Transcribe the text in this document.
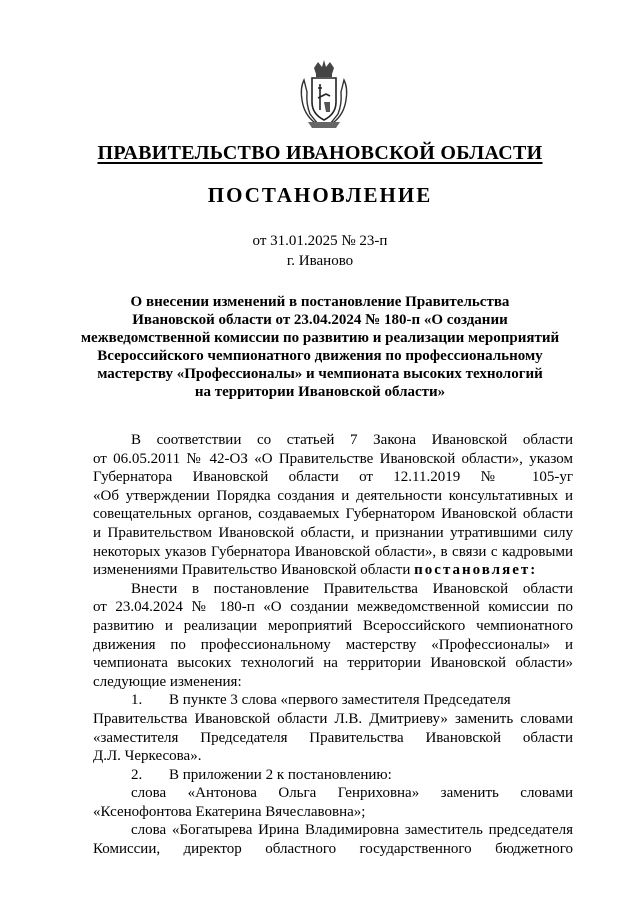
ПРАВИТЕЛЬСТВО ИВАНОВСКОЙ ОБЛАСТИ
ПОСТАНОВЛЕНИЕ
от 31.01.2025 № 23-п
г. Иваново
О внесении изменений в постановление Правительства
Ивановской области от 23.04.2024 № 180-п «О создании
межведомственной комиссии по развитию и реализации мероприятий
Всероссийского чемпионатного движения по профессиональному
мастерству «Профессионалы» и чемпионата высоких технологий
на территории Ивановской области»
В соответствии со статьей 7 Закона Ивановской области
от 06.05.2011 № 42-ОЗ «О Правительстве Ивановской области», указом
Губернатора Ивановской области от 12.11.2019 № 105-уг
«Об утверждении Порядка создания и деятельности консультативных и
совещательных органов, создаваемых Губернатором Ивановской области
и Правительством Ивановской области, и признании утратившими силу
некоторых указов Губернатора Ивановской области», в связи с кадровыми
изменениями Правительство Ивановской области постановляет:
Внести в постановление Правительства Ивановской области
от 23.04.2024 № 180-п «О создании межведомственной комиссии по
развитию и реализации мероприятий Всероссийского чемпионатного
движения по профессиональному мастерству «Профессионалы» и
чемпионата высоких технологий на территории Ивановской области»
следующие изменения:
1. В пункте 3 слова «первого заместителя Председателя
Правительства Ивановской области Л.В. Дмитриеву» заменить словами
«заместителя Председателя Правительства Ивановской области
Д.Л. Черкесова».
2. В приложении 2 к постановлению:
слова «Антонова Ольга Генриховна» заменить словами
«Ксенофонтова Екатерина Вячеславовна»;
слова «Богатырева Ирина Владимировна заместитель председателя
Комиссии, директор областного государственного бюджетного
